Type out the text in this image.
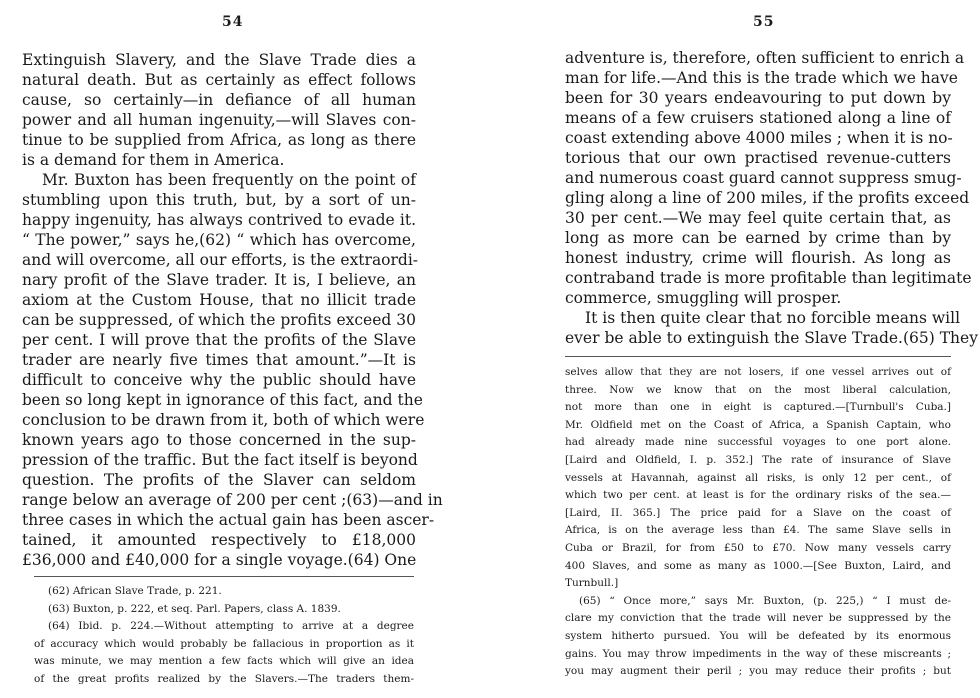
54
Extinguish Slavery, and the Slave Trade dies a
natural death. But as certainly as effect follows
cause, so certainly—in defiance of all human
power and all human ingenuity,—will Slaves con-
tinue to be supplied from Africa, as long as there
is a demand for them in America.
Mr. Buxton has been frequently on the point of
stumbling upon this truth, but, by a sort of un-
happy ingenuity, has always contrived to evade it.
“ The power,” says he,(62) “ which has overcome,
and will overcome, all our efforts, is the extraordi-
nary profit of the Slave trader. It is, I believe, an
axiom at the Custom House, that no illicit trade
can be suppressed, of which the profits exceed 30
per cent. I will prove that the profits of the Slave
trader are nearly five times that amount.”—It is
difficult to conceive why the public should have
been so long kept in ignorance of this fact, and the
conclusion to be drawn from it, both of which were
known years ago to those concerned in the sup-
pression of the traffic. But the fact itself is beyond
question. The profits of the Slaver can seldom
range below an average of 200 per cent ;(63)—and in
three cases in which the actual gain has been ascer-
tained, it amounted respectively to £18,000
£36,000 and £40,000 for a single voyage.(64) One
(62) African Slave Trade, p. 221.
(63) Buxton, p. 222, et seq. Parl. Papers, class A. 1839.
(64) Ibid. p. 224.—Without attempting to arrive at a degree
of accuracy which would probably be fallacious in proportion as it
was minute, we may mention a few facts which will give an idea
of the great profits realized by the Slavers.—The traders them-
55
adventure is, therefore, often sufficient to enrich a
man for life.—And this is the trade which we have
been for 30 years endeavouring to put down by
means of a few cruisers stationed along a line of
coast extending above 4000 miles ; when it is no-
torious that our own practised revenue-cutters
and numerous coast guard cannot suppress smug-
gling along a line of 200 miles, if the profits exceed
30 per cent.—We may feel quite certain that, as
long as more can be earned by crime than by
honest industry, crime will flourish. As long as
contraband trade is more profitable than legitimate
commerce, smuggling will prosper.
It is then quite clear that no forcible means will
ever be able to extinguish the Slave Trade.(65) They
selves allow that they are not losers, if one vessel arrives out of
three. Now we know that on the most liberal calculation,
not more than one in eight is captured.—[Turnbull's Cuba.]
Mr. Oldfield met on the Coast of Africa, a Spanish Captain, who
had already made nine successful voyages to one port alone.
[Laird and Oldfield, I. p. 352.] The rate of insurance of Slave
vessels at Havannah, against all risks, is only 12 per cent., of
which two per cent. at least is for the ordinary risks of the sea.—
[Laird, II. 365.] The price paid for a Slave on the coast of
Africa, is on the average less than £4. The same Slave sells in
Cuba or Brazil, for from £50 to £70. Now many vessels carry
400 Slaves, and some as many as 1000.—[See Buxton, Laird, and
Turnbull.]
(65) “ Once more,” says Mr. Buxton, (p. 225,) “ I must de-
clare my conviction that the trade will never be suppressed by the
system hitherto pursued. You will be defeated by its enormous
gains. You may throw impediments in the way of these miscreants ;
you may augment their peril ; you may reduce their profits ; but
